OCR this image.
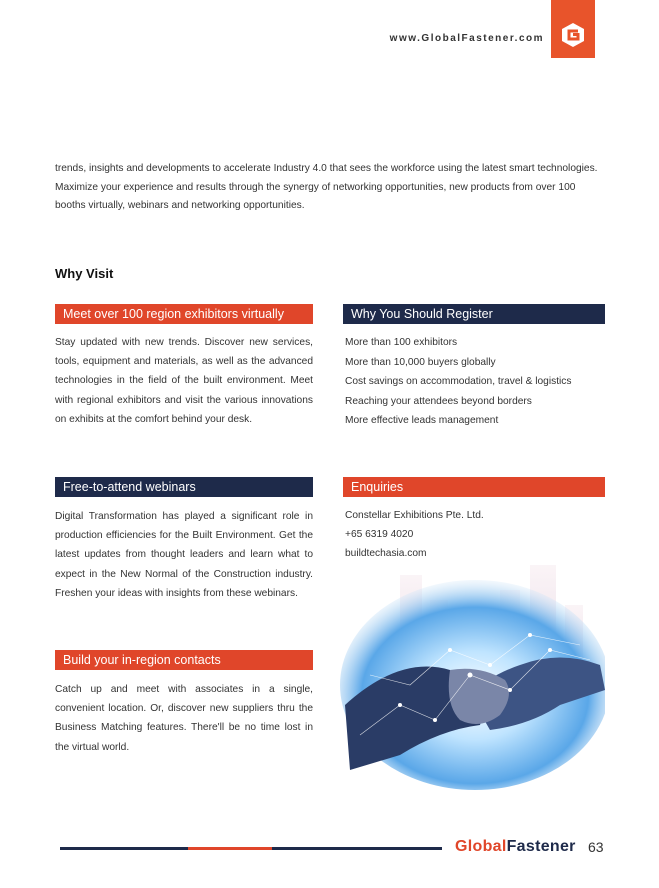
www.GlobalFastener.com

trends, insights and developments to accelerate Industry 4.0 that sees the workforce using the latest smart technologies.

Maximize your experience and results through the synergy of networking opportunities, new products from over 100 booths virtually, webinars and networking opportunities.

Why Visit
Meet over 100 region exhibitors virtually
Stay updated with new trends. Discover new services, tools, equipment and materials, as well as the advanced technologies in the field of the built environment. Meet with regional exhibitors and visit the various innovations on exhibits at the comfort behind your desk.
Why You Should Register
More than 100 exhibitors
More than 10,000 buyers globally
Cost savings on accommodation, travel & logistics
Reaching your attendees beyond borders
More effective leads management
Free-to-attend webinars
Digital Transformation has played a significant role in production efficiencies for the Built Environment. Get the latest updates from thought leaders and learn what to expect in the New Normal of the Construction industry. Freshen your ideas with insights from these webinars.
Enquiries
Constellar Exhibitions Pte. Ltd.
+65 6319 4020
buildtechasia.com
Build your in-region contacts
Catch up and meet with associates in a single, convenient location. Or, discover new suppliers thru the Business Matching features. There'll be no time lost in the virtual world.
GlobalFastener 63
